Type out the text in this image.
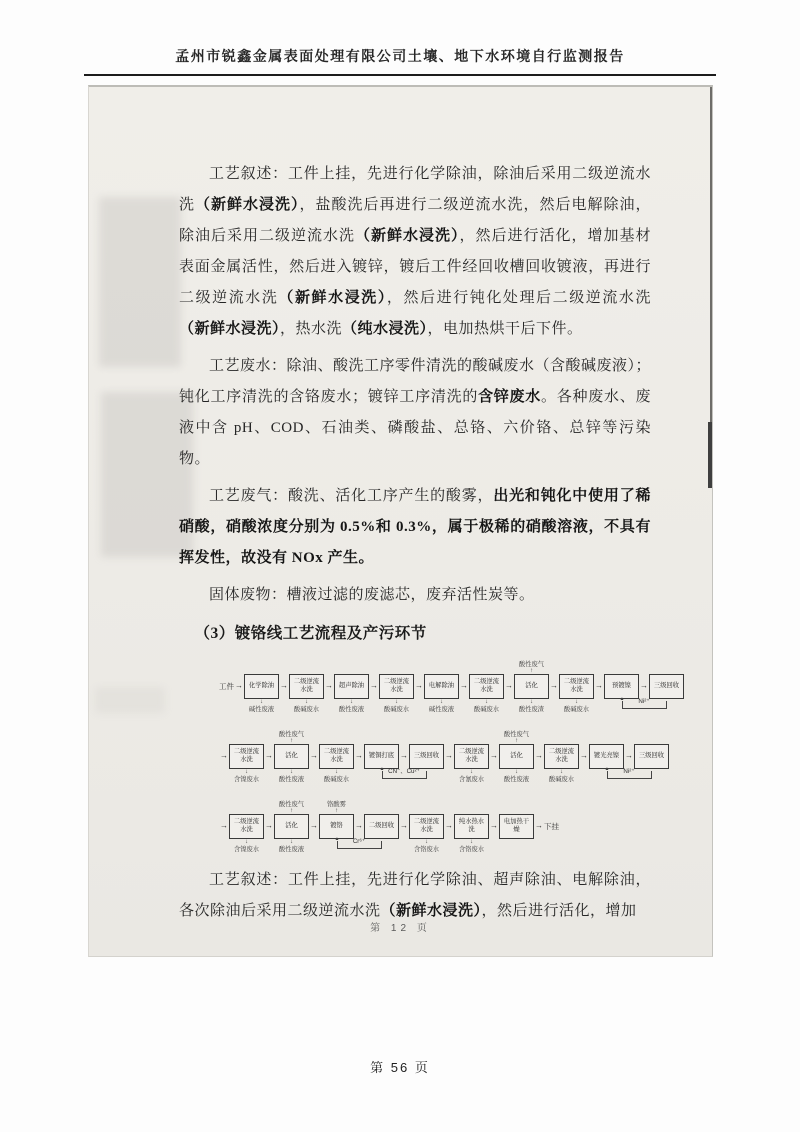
孟州市锐鑫金属表面处理有限公司土壤、地下水环境自行监测报告

工艺叙述：工件上挂，先进行化学除油，除油后采用二级逆流水洗（新鲜水浸洗），盐酸洗后再进行二级逆流水洗，然后电解除油，除油后采用二级逆流水洗（新鲜水浸洗），然后进行活化，增加基材表面金属活性，然后进入镀锌，镀后工件经回收槽回收镀液，再进行二级逆流水洗（新鲜水浸洗），然后进行钝化处理后二级逆流水洗（新鲜水浸洗），热水洗（纯水浸洗），电加热烘干后下件。

工艺废水：除油、酸洗工序零件清洗的酸碱废水（含酸碱废液）；钝化工序清洗的含铬废水；镀锌工序清洗的含锌废水。各种废水、废液中含 pH、COD、石油类、磷酸盐、总铬、六价铬、总锌等污染物。

工艺废气：酸洗、活化工序产生的酸雾，出光和钝化中使用了稀硝酸，硝酸浓度分别为 0.5%和 0.3%，属于极稀的硝酸溶液，不具有挥发性，故没有 NOx 产生。

固体废物：槽液过滤的废滤芯，废弃活性炭等。

（3）镀铬线工艺流程及产污环节
工件 → 化学除油
↓
碱性废液
→ 二级逆流水洗
↓
酸碱废水
→ 超声除油
↓
酸性废液
→ 二级逆流水洗
↓
酸碱废水
→ 电解除油
↓
碱性废液
→ 二级逆流水洗
↓
酸碱废水
→	活化
酸性废气
↑
↓
酸性废渣
→ 二级逆流水洗
↓
酸碱废水
→	预镀镍	→ 三级回收
Ni²⁺
▲
→ 二级逆流水洗
↓
含镍废水
→	活化
酸性废气
↑
↓
酸性废液
→ 二级逆流水洗
↓
酸碱废水
→ 镀铜打底 → 三级回收
CN⁻、Cu²⁺
▲
→ 二级逆流水洗
↓
含氰废水
→	活化
酸性废气
↑
↓
酸性废液
→ 二级逆流水洗
↓
酸碱废水
→ 镀光亮镍 → 三级回收
Ni²⁺
▲
→ 二级逆流水洗
↓
含镍废水
→	活化
酸性废气
↑
↓
酸性废液
→	镀铬
铬酸雾
↑
→ 二级回收
Cr⁶⁺
▲
→ 二级逆流水洗
↓
含铬废水
→ 纯水热水洗
↓
含铬废水
→ 电加热干燥	→ 下挂

工艺叙述：工件上挂，先进行化学除油、超声除油、电解除油，各次除油后采用二级逆流水洗（新鲜水浸洗），然后进行活化，增加

第 12 页
第 56 页
